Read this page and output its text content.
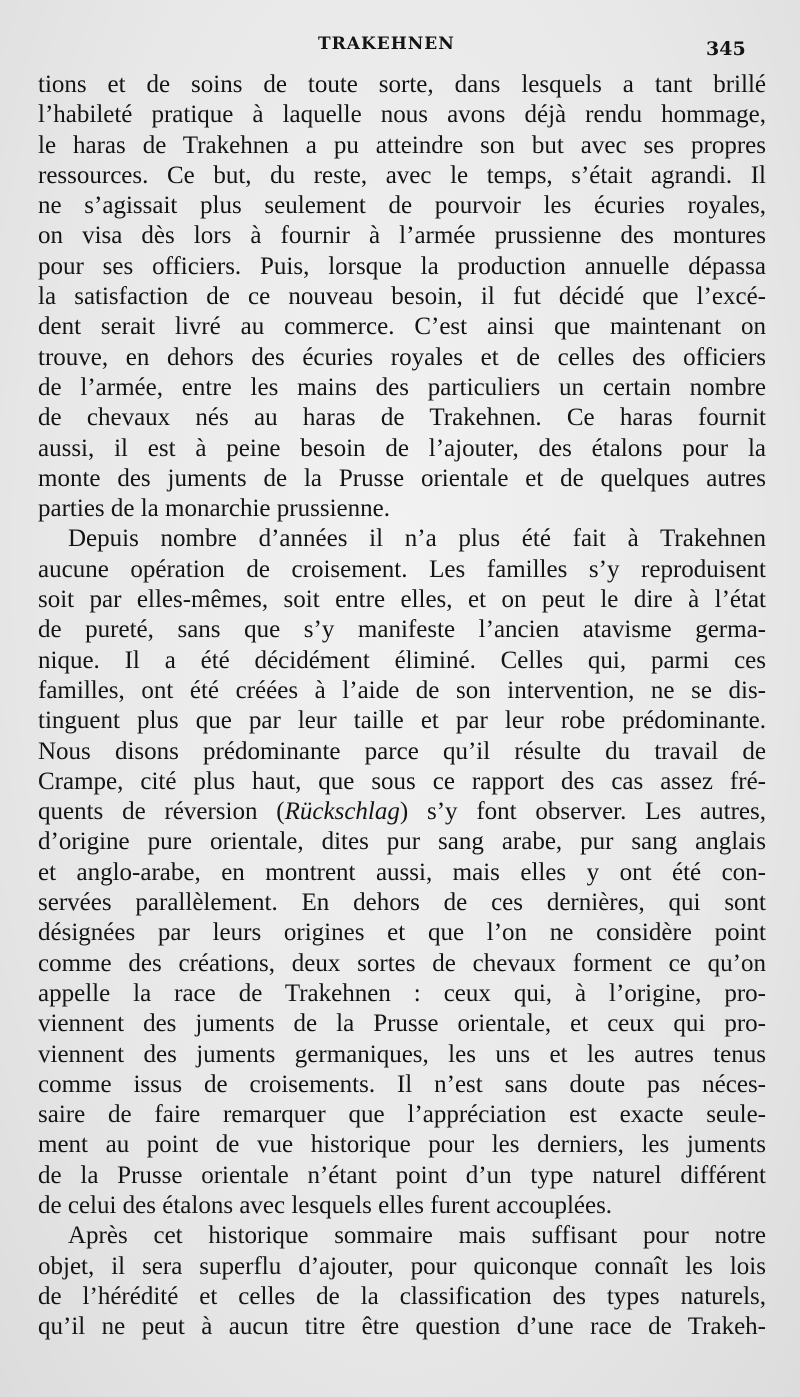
TRAKEHNEN	345

tions et de soins de toute sorte, dans lesquels a tant brillé
l’habileté pratique à laquelle nous avons déjà rendu hommage,
le haras de Trakehnen a pu atteindre son but avec ses propres
ressources. Ce but, du reste, avec le temps, s’était agrandi. Il
ne s’agissait plus seulement de pourvoir les écuries royales,
on visa dès lors à fournir à l’armée prussienne des montures
pour ses officiers. Puis, lorsque la production annuelle dépassa
la satisfaction de ce nouveau besoin, il fut décidé que l’excé-
dent serait livré au commerce. C’est ainsi que maintenant on
trouve, en dehors des écuries royales et de celles des officiers
de l’armée, entre les mains des particuliers un certain nombre
de chevaux nés au haras de Trakehnen. Ce haras fournit
aussi, il est à peine besoin de l’ajouter, des étalons pour la
monte des juments de la Prusse orientale et de quelques autres
parties de la monarchie prussienne.

Depuis nombre d’années il n’a plus été fait à Trakehnen
aucune opération de croisement. Les familles s’y reproduisent
soit par elles-mêmes, soit entre elles, et on peut le dire à l’état
de pureté, sans que s’y manifeste l’ancien atavisme germa-
nique. Il a été décidément éliminé. Celles qui, parmi ces
familles, ont été créées à l’aide de son intervention, ne se dis-
tinguent plus que par leur taille et par leur robe prédominante.
Nous disons prédominante parce qu’il résulte du travail de
Crampe, cité plus haut, que sous ce rapport des cas assez fré-
quents de réversion (Rückschlag) s’y font observer. Les autres,
d’origine pure orientale, dites pur sang arabe, pur sang anglais
et anglo-arabe, en montrent aussi, mais elles y ont été con-
servées parallèlement. En dehors de ces dernières, qui sont
désignées par leurs origines et que l’on ne considère point
comme des créations, deux sortes de chevaux forment ce qu’on
appelle la race de Trakehnen : ceux qui, à l’origine, pro-
viennent des juments de la Prusse orientale, et ceux qui pro-
viennent des juments germaniques, les uns et les autres tenus
comme issus de croisements. Il n’est sans doute pas néces-
saire de faire remarquer que l’appréciation est exacte seule-
ment au point de vue historique pour les derniers, les juments
de la Prusse orientale n’étant point d’un type naturel différent
de celui des étalons avec lesquels elles furent accouplées.

Après cet historique sommaire mais suffisant pour notre
objet, il sera superflu d’ajouter, pour quiconque connaît les lois
de l’hérédité et celles de la classification des types naturels,
qu’il ne peut à aucun titre être question d’une race de Trakeh-
